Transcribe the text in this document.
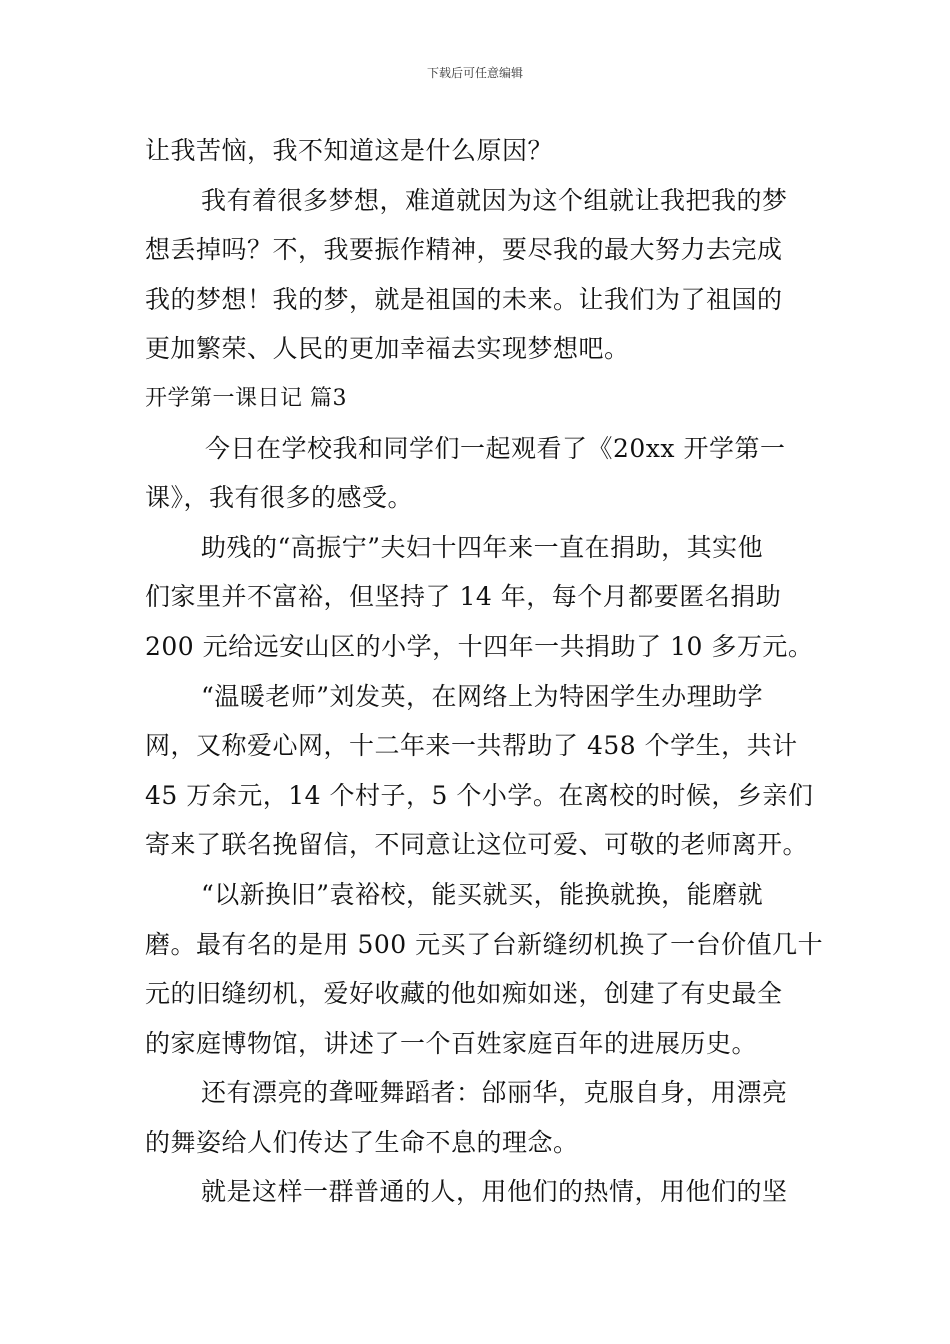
下载后可任意编辑
让我苦恼，我不知道这是什么原因？
我有着很多梦想，难道就因为这个组就让我把我的梦
想丢掉吗？不，我要振作精神，要尽我的最大努力去完成
我的梦想！我的梦，就是祖国的未来。让我们为了祖国的
更加繁荣、人民的更加幸福去实现梦想吧。
开学第一课日记 篇3
今日在学校我和同学们一起观看了《20xx 开学第一
课》，我有很多的感受。
助残的“高振宁”夫妇十四年来一直在捐助，其实他
们家里并不富裕，但坚持了 14 年，每个月都要匿名捐助
200 元给远安山区的小学，十四年一共捐助了 10 多万元。
“温暖老师”刘发英，在网络上为特困学生办理助学
网，又称爱心网，十二年来一共帮助了 458 个学生，共计
45 万余元，14 个村子，5 个小学。在离校的时候，乡亲们
寄来了联名挽留信，不同意让这位可爱、可敬的老师离开。
“以新换旧”袁裕校，能买就买，能换就换，能磨就
磨。最有名的是用 500 元买了台新缝纫机换了一台价值几十
元的旧缝纫机，爱好收藏的他如痴如迷，创建了有史最全
的家庭博物馆，讲述了一个百姓家庭百年的进展历史。
还有漂亮的聋哑舞蹈者：邰丽华，克服自身，用漂亮
的舞姿给人们传达了生命不息的理念。
就是这样一群普通的人，用他们的热情，用他们的坚
